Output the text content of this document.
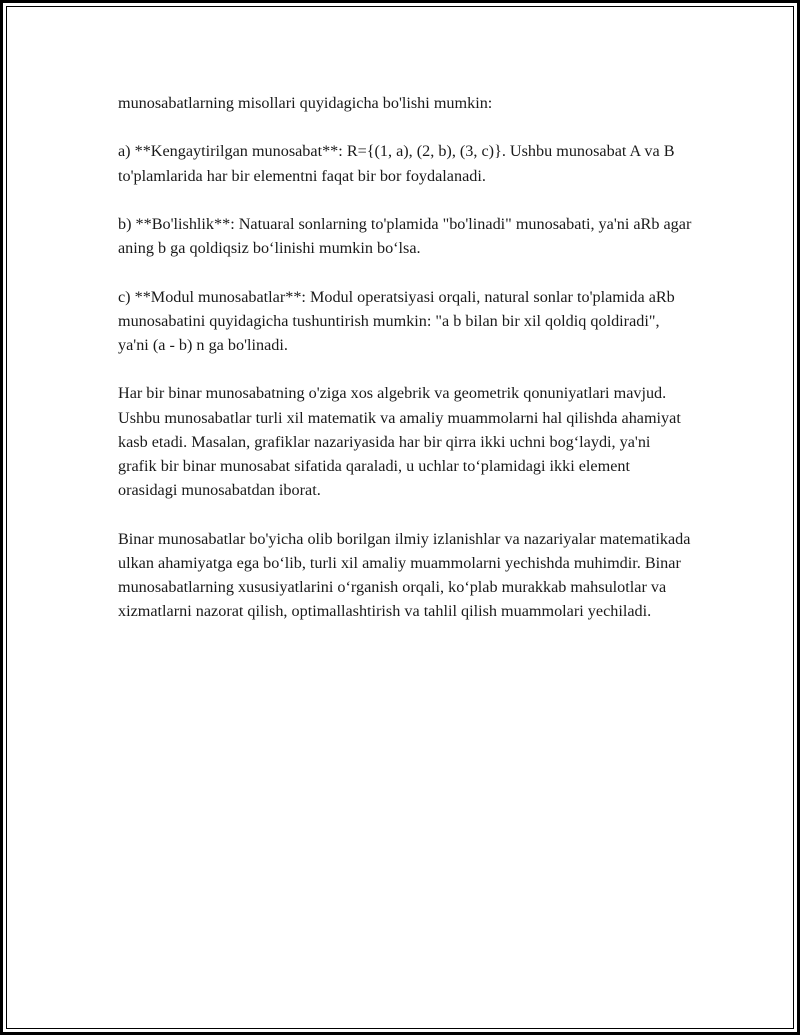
munosabatlarning misollari quyidagicha bo'lishi mumkin:

a) **Kengaytirilgan munosabat**: R={(1, a), (2, b), (3, c)}. Ushbu munosabat A va B to'plamlarida har bir elementni faqat bir bor foydalanadi.

b) **Bo'lishlik**: Natuaral sonlarning to'plamida "bo'linadi" munosabati, ya'ni aRb agar aning b ga qoldiqsiz bo‘linishi mumkin bo‘lsa.

c) **Modul munosabatlar**: Modul operatsiyasi orqali, natural sonlar to'plamida aRb munosabatini quyidagicha tushuntirish mumkin: "a b bilan bir xil qoldiq qoldiradi", ya'ni (a - b) n ga bo'linadi.

Har bir binar munosabatning o'ziga xos algebrik va geometrik qonuniyatlari mavjud. Ushbu munosabatlar turli xil matematik va amaliy muammolarni hal qilishda ahamiyat kasb etadi. Masalan, grafiklar nazariyasida har bir qirra ikki uchni bog‘laydi, ya'ni grafik bir binar munosabat sifatida qaraladi, u uchlar to‘plamidagi ikki element orasidagi munosabatdan iborat.

Binar munosabatlar bo'yicha olib borilgan ilmiy izlanishlar va nazariyalar matematikada ulkan ahamiyatga ega bo‘lib, turli xil amaliy muammolarni yechishda muhimdir. Binar munosabatlarning xususiyatlarini o‘rganish orqali, ko‘plab murakkab mahsulotlar va xizmatlarni nazorat qilish, optimallashtirish va tahlil qilish muammolari yechiladi.
